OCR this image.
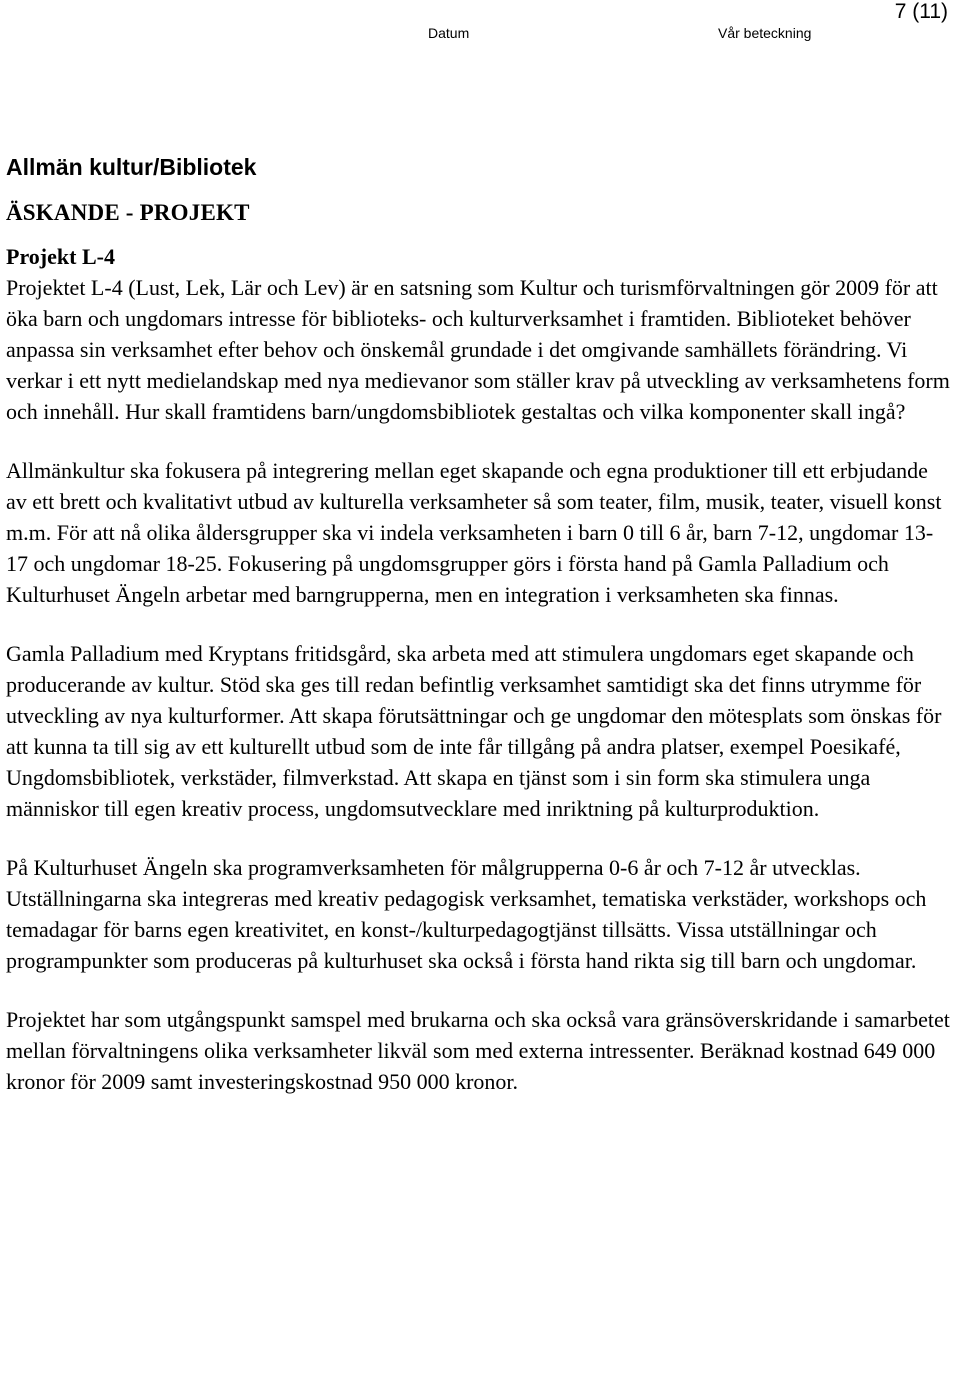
Datum	Vår beteckning
7 (11)
Allmän kultur/Bibliotek
ÄSKANDE - PROJEKT
Projekt L-4

Projektet L-4 (Lust, Lek, Lär och Lev) är en satsning som Kultur och turismförvaltningen gör 2009 för att öka barn och ungdomars intresse för biblioteks- och kulturverksamhet i framtiden. Biblioteket behöver anpassa sin verksamhet efter behov och önskemål grundade i det omgivande samhällets förändring. Vi verkar i ett nytt medielandskap med nya medievanor som ställer krav på utveckling av verksamhetens form och innehåll. Hur skall framtidens barn/ungdomsbibliotek gestaltas och vilka komponenter skall ingå?

Allmänkultur ska fokusera på integrering mellan eget skapande och egna produktioner till ett erbjudande av ett brett och kvalitativt utbud av kulturella verksamheter så som teater, film, musik, teater, visuell konst m.m. För att nå olika åldersgrupper ska vi indela verksamheten i barn 0 till 6 år, barn 7-12, ungdomar 13-17 och ungdomar 18-25. Fokusering på ungdomsgrupper görs i första hand på Gamla Palladium och Kulturhuset Ängeln arbetar med barngrupperna, men en integration i verksamheten ska finnas.

Gamla Palladium med Kryptans fritidsgård, ska arbeta med att stimulera ungdomars eget skapande och producerande av kultur. Stöd ska ges till redan befintlig verksamhet samtidigt ska det finns utrymme för utveckling av nya kulturformer. Att skapa förutsättningar och ge ungdomar den mötesplats som önskas för att kunna ta till sig av ett kulturellt utbud som de inte får tillgång på andra platser, exempel Poesikafé, Ungdomsbibliotek, verkstäder, filmverkstad. Att skapa en tjänst som i sin form ska stimulera unga människor till egen kreativ process, ungdomsutvecklare med inriktning på kulturproduktion.

På Kulturhuset Ängeln ska programverksamheten för målgrupperna 0-6 år och 7-12 år utvecklas. Utställningarna ska integreras med kreativ pedagogisk verksamhet, tematiska verkstäder, workshops och temadagar för barns egen kreativitet, en konst-/kulturpedagogtjänst tillsätts. Vissa utställningar och programpunkter som produceras på kulturhuset ska också i första hand rikta sig till barn och ungdomar.

Projektet har som utgångspunkt samspel med brukarna och ska också vara gränsöverskridande i samarbetet mellan förvaltningens olika verksamheter likväl som med externa intressenter. Beräknad kostnad 649 000 kronor för 2009 samt investeringskostnad 950 000 kronor.
